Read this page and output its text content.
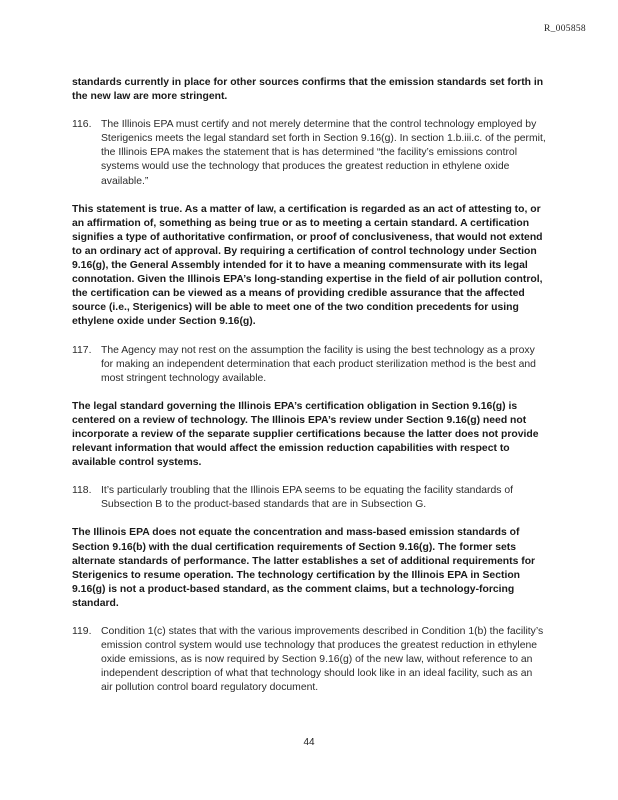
R_005858

standards currently in place for other sources confirms that the emission standards set forth in the new law are more stringent.

116. The Illinois EPA must certify and not merely determine that the control technology employed by Sterigenics meets the legal standard set forth in Section 9.16(g). In section 1.b.iii.c. of the permit, the Illinois EPA makes the statement that is has determined “the facility’s emissions control systems would use the technology that produces the greatest reduction in ethylene oxide available.”

This statement is true. As a matter of law, a certification is regarded as an act of attesting to, or an affirmation of, something as being true or as to meeting a certain standard. A certification signifies a type of authoritative confirmation, or proof of conclusiveness, that would not extend to an ordinary act of approval. By requiring a certification of control technology under Section 9.16(g), the General Assembly intended for it to have a meaning commensurate with its legal connotation. Given the Illinois EPA’s long-standing expertise in the field of air pollution control, the certification can be viewed as a means of providing credible assurance that the affected source (i.e., Sterigenics) will be able to meet one of the two condition precedents for using ethylene oxide under Section 9.16(g).

117. The Agency may not rest on the assumption the facility is using the best technology as a proxy for making an independent determination that each product sterilization method is the best and most stringent technology available.

The legal standard governing the Illinois EPA’s certification obligation in Section 9.16(g) is centered on a review of technology. The Illinois EPA’s review under Section 9.16(g) need not incorporate a review of the separate supplier certifications because the latter does not provide relevant information that would affect the emission reduction capabilities with respect to available control systems.

118. It’s particularly troubling that the Illinois EPA seems to be equating the facility standards of Subsection B to the product-based standards that are in Subsection G.

The Illinois EPA does not equate the concentration and mass-based emission standards of Section 9.16(b) with the dual certification requirements of Section 9.16(g). The former sets alternate standards of performance. The latter establishes a set of additional requirements for Sterigenics to resume operation. The technology certification by the Illinois EPA in Section 9.16(g) is not a product-based standard, as the comment claims, but a technology-forcing standard.

119. Condition 1(c) states that with the various improvements described in Condition 1(b) the facility’s emission control system would use technology that produces the greatest reduction in ethylene oxide emissions, as is now required by Section 9.16(g) of the new law, without reference to an independent description of what that technology should look like in an ideal facility, such as an air pollution control board regulatory document.

44
